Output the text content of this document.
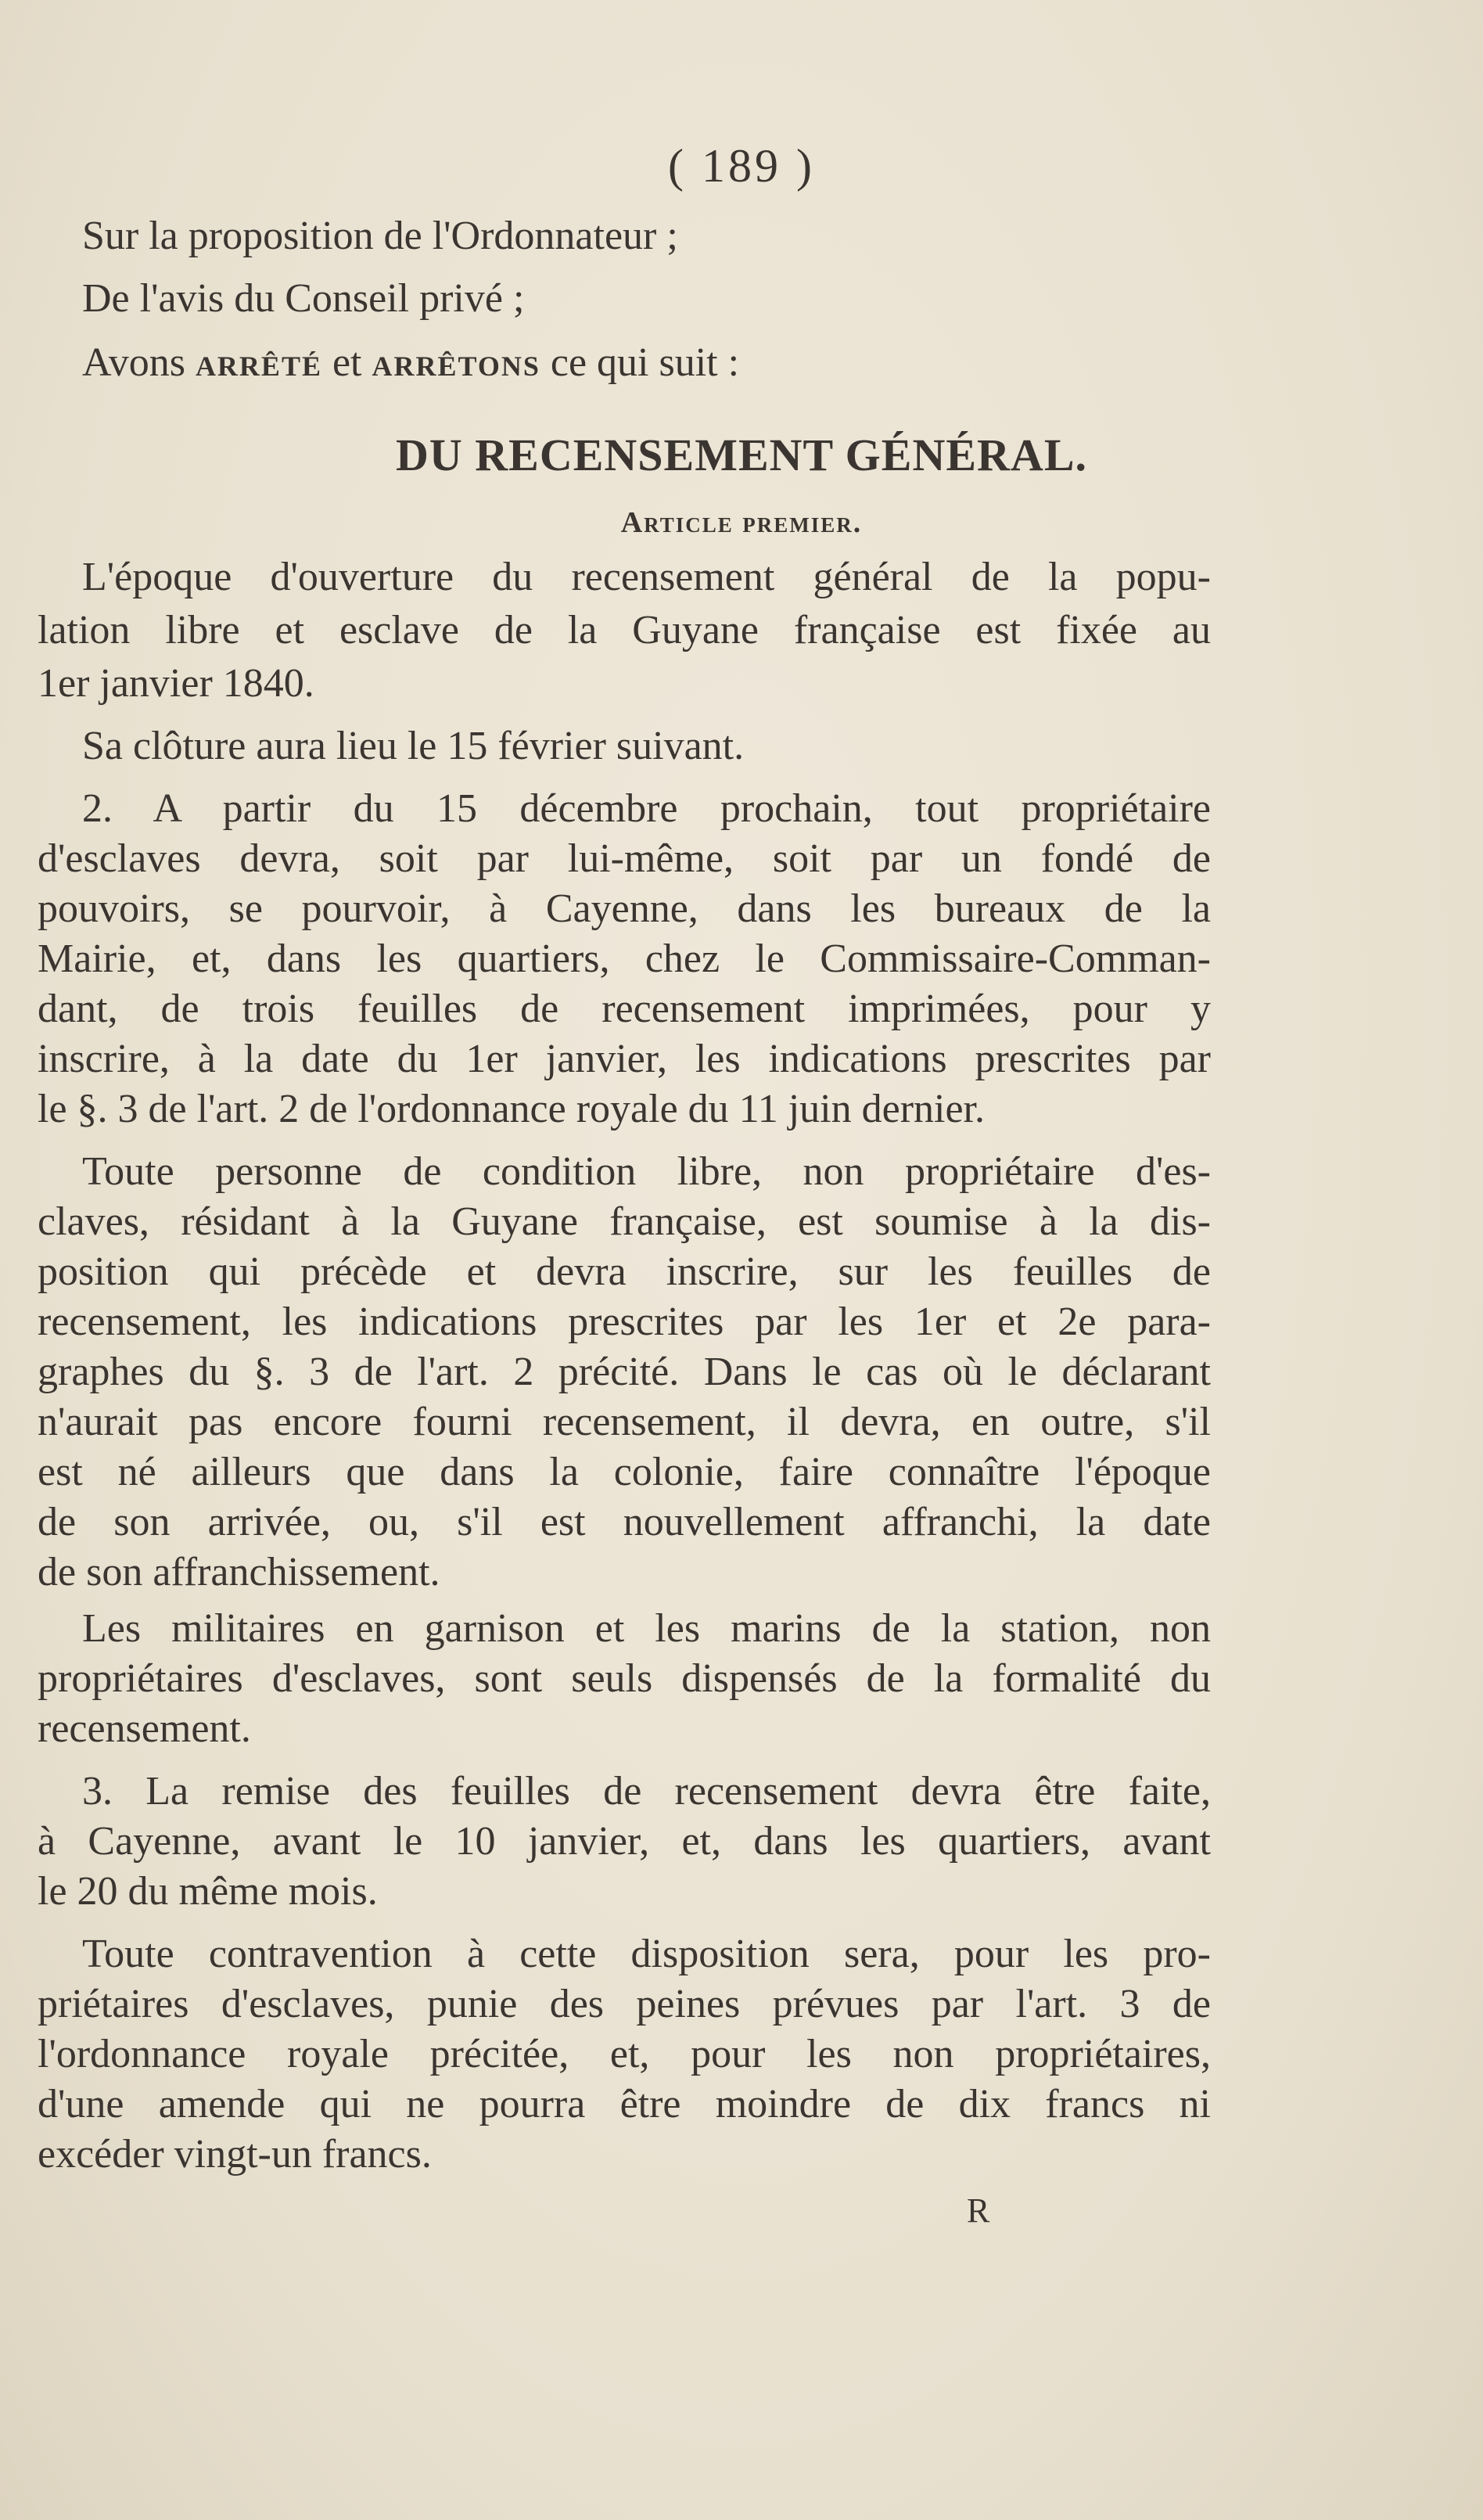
( 189 )
Sur la proposition de l'Ordonnateur ;
De l'avis du Conseil privé ;
Avons arrêté et arrêtons ce qui suit :
DU RECENSEMENT GÉNÉRAL.
Article premier.
L'époque d'ouverture du recensement général de la popu-
lation libre et esclave de la Guyane française est fixée au
1er janvier 1840.
Sa clôture aura lieu le 15 février suivant.
2. A partir du 15 décembre prochain, tout propriétaire
d'esclaves devra, soit par lui-même, soit par un fondé de
pouvoirs, se pourvoir, à Cayenne, dans les bureaux de la
Mairie, et, dans les quartiers, chez le Commissaire-Comman-
dant, de trois feuilles de recensement imprimées, pour y
inscrire, à la date du 1er janvier, les indications prescrites par
le §. 3 de l'art. 2 de l'ordonnance royale du 11 juin dernier.
Toute personne de condition libre, non propriétaire d'es-
claves, résidant à la Guyane française, est soumise à la dis-
position qui précède et devra inscrire, sur les feuilles de
recensement, les indications prescrites par les 1er et 2e para-
graphes du §. 3 de l'art. 2 précité. Dans le cas où le déclarant
n'aurait pas encore fourni recensement, il devra, en outre, s'il
est né ailleurs que dans la colonie, faire connaître l'époque
de son arrivée, ou, s'il est nouvellement affranchi, la date
de son affranchissement.
Les militaires en garnison et les marins de la station, non
propriétaires d'esclaves, sont seuls dispensés de la formalité du
recensement.
3. La remise des feuilles de recensement devra être faite,
à Cayenne, avant le 10 janvier, et, dans les quartiers, avant
le 20 du même mois.
Toute contravention à cette disposition sera, pour les pro-
priétaires d'esclaves, punie des peines prévues par l'art. 3 de
l'ordonnance royale précitée, et, pour les non propriétaires,
d'une amende qui ne pourra être moindre de dix francs ni
excéder vingt-un francs.
R
